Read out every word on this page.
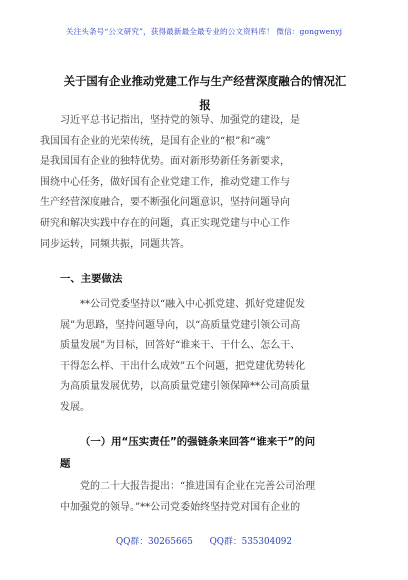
关注头条号“公文研究”，获得最新最全最专业的公文资料库！ 微信：gongwenyj
关于国有企业推动党建工作与生产经营深度融合的情况汇
报
习近平总书记指出，坚持党的领导、加强党的建设，是
我国国有企业的光荣传统，是国有企业的“根”和“魂”
是我国国有企业的独特优势。面对新形势新任务新要求，
围绕中心任务，做好国有企业党建工作，推动党建工作与
生产经营深度融合，要不断强化问题意识，坚持问题导向
研究和解决实践中存在的问题，真正实现党建与中心工作
同步运转，同频共振，同题共答。
一、主要做法
**公司党委坚持以“融入中心抓党建、抓好党建促发
展”为思路，坚持问题导向，以“高质量党建引领公司高
质量发展”为目标，回答好“谁来干、干什么、怎么干、
干得怎么样、干出什么成效”五个问题，把党建优势转化
为高质量发展优势，以高质量党建引领保障**公司高质量
发展。
（一）用“压实责任”的强链条来回答“谁来干”的问
题
党的二十大报告提出：“推进国有企业在完善公司治理
中加强党的领导。”**公司党委始终坚持党对国有企业的
QQ群：30265665 QQ群：535304092
